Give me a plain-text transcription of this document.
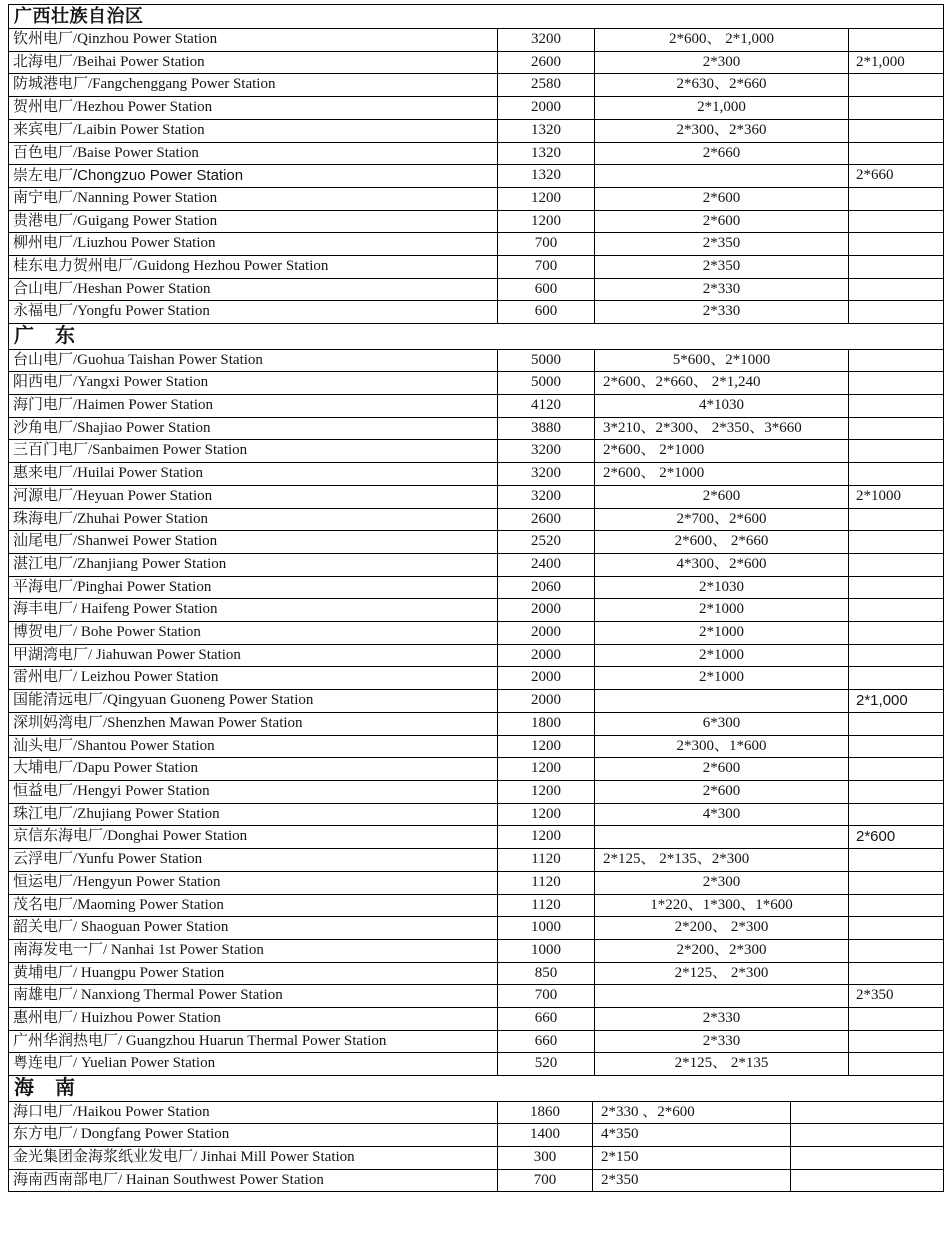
广西壮族自治区			
钦州电厂/Qinzhou Power Station	3200	2*600、 2*1,000	
北海电厂/Beihai Power Station	2600	2*300	2*1,000
防城港电厂/Fangchenggang Power Station	2580	2*630、2*660	
贺州电厂/Hezhou Power Station	2000	2*1,000	
来宾电厂/Laibin Power Station	1320	2*300、2*360	
百色电厂/Baise Power Station	1320	2*660	
崇左电厂/Chongzuo Power Station	1320		2*660
南宁电厂/Nanning Power Station	1200	2*600	
贵港电厂/Guigang Power Station	1200	2*600	
柳州电厂/Liuzhou Power Station	700	2*350	
桂东电力贺州电厂/Guidong Hezhou Power Station	700	2*350	
合山电厂/Heshan Power Station	600	2*330	
永福电厂/Yongfu Power Station	600	2*330	
广　东			
台山电厂/Guohua Taishan Power Station	5000	5*600、2*1000	
阳西电厂/Yangxi Power Station	5000	2*600、2*660、 2*1,240	
海门电厂/Haimen Power Station	4120	4*1030	
沙角电厂/Shajiao Power Station	3880	3*210、2*300、 2*350、3*660	
三百门电厂/Sanbaimen Power Station	3200	2*600、 2*1000	
惠来电厂/Huilai Power Station	3200	2*600、 2*1000	
河源电厂/Heyuan Power Station	3200	2*600	2*1000
珠海电厂/Zhuhai Power Station	2600	2*700、2*600	
汕尾电厂/Shanwei Power Station	2520	2*600、 2*660	
湛江电厂/Zhanjiang Power Station	2400	4*300、2*600	
平海电厂/Pinghai Power Station	2060	2*1030	
海丰电厂/ Haifeng Power Station	2000	2*1000	
博贺电厂/ Bohe Power Station	2000	2*1000	
甲湖湾电厂/ Jiahuwan Power Station	2000	2*1000	
雷州电厂/ Leizhou Power Station	2000	2*1000	
国能清远电厂/Qingyuan Guoneng Power Station	2000		2*1,000
深圳妈湾电厂/Shenzhen Mawan Power Station	1800	6*300	
汕头电厂/Shantou Power Station	1200	2*300、1*600	
大埔电厂/Dapu Power Station	1200	2*600	
恒益电厂/Hengyi Power Station	1200	2*600	
珠江电厂/Zhujiang Power Station	1200	4*300	
京信东海电厂/Donghai Power Station	1200		2*600
云浮电厂/Yunfu Power Station	1120	2*125、 2*135、2*300	
恒运电厂/Hengyun Power Station	1120	2*300	
茂名电厂/Maoming Power Station	1120	1*220、1*300、1*600	
韶关电厂/ Shaoguan Power Station	1000	2*200、 2*300	
南海发电一厂/ Nanhai 1st Power Station	1000	2*200、2*300	
黄埔电厂/ Huangpu Power Station	850	2*125、 2*300	
南雄电厂/ Nanxiong Thermal Power Station	700		2*350
惠州电厂/ Huizhou Power Station	660	2*330	
广州华润热电厂/ Guangzhou Huarun Thermal Power Station	660	2*330	
粤连电厂/ Yuelian Power Station	520	2*125、 2*135	
海　南			
海口电厂/Haikou Power Station	1860	2*330 、2*600	
东方电厂/ Dongfang Power Station	1400	4*350	
金光集团金海浆纸业发电厂/ Jinhai Mill Power Station	300	2*150	
海南西南部电厂/ Hainan Southwest Power Station	700	2*350	
